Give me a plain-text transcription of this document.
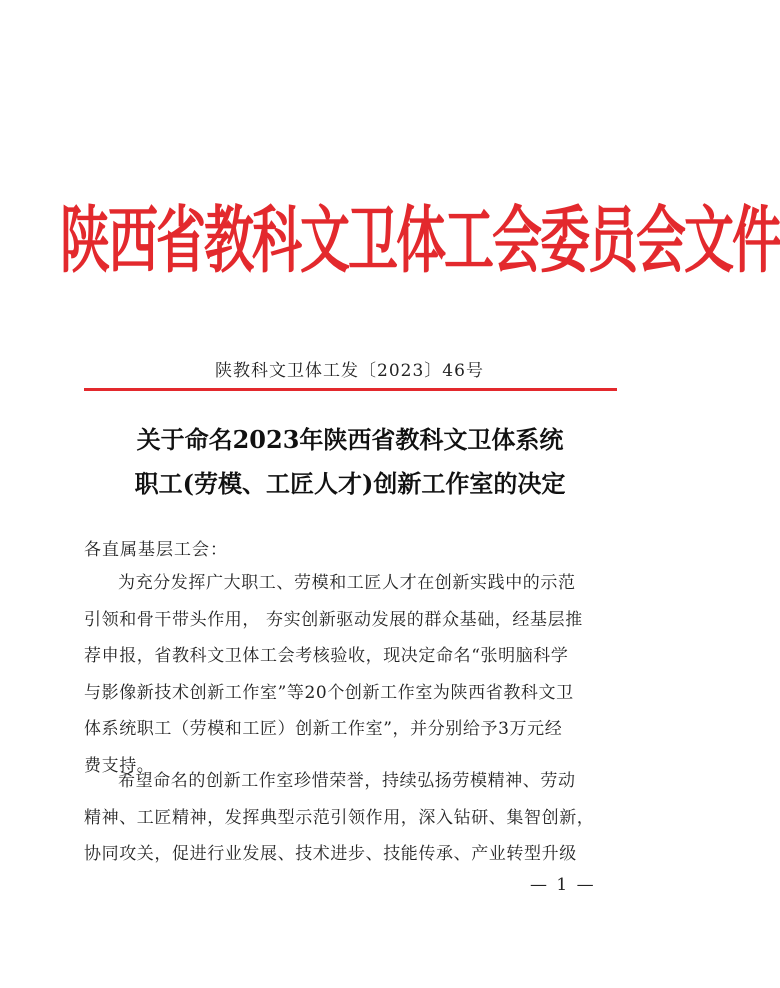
陕西省教科文卫体工会委员会文件
陕教科文卫体工发〔2023〕46号
关于命名2023年陕西省教科文卫体系统
职工(劳模、工匠人才)创新工作室的决定
各直属基层工会：
为充分发挥广大职工、劳模和工匠人才在创新实践中的示范
引领和骨干带头作用， 夯实创新驱动发展的群众基础，经基层推
荐申报，省教科文卫体工会考核验收，现决定命名“张明脑科学
与影像新技术创新工作室”等20个创新工作室为陕西省教科文卫
体系统职工（劳模和工匠）创新工作室”，并分别给予3万元经
费支持。
希望命名的创新工作室珍惜荣誉，持续弘扬劳模精神、劳动
精神、工匠精神，发挥典型示范引领作用，深入钻研、集智创新，
协同攻关，促进行业发展、技术进步、技能传承、产业转型升级
— 1 —
